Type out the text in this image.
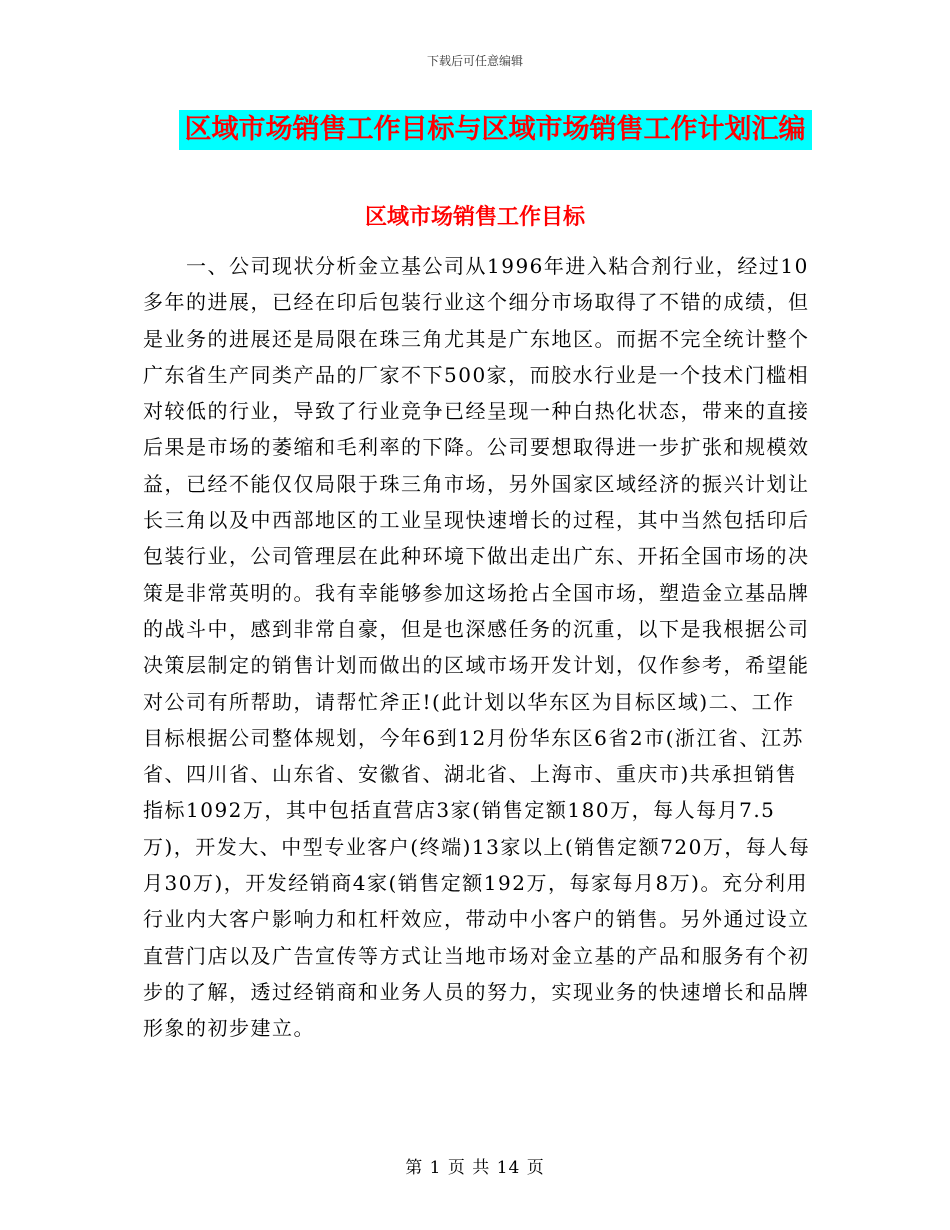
下载后可任意编辑
区域市场销售工作目标与区域市场销售工作计划汇编
区域市场销售工作目标

一、公司现状分析金立基公司从1996年进入粘合剂行业，经过10多年的进展，已经在印后包装行业这个细分市场取得了不错的成绩，但是业务的进展还是局限在珠三角尤其是广东地区。而据不完全统计整个广东省生产同类产品的厂家不下500家，而胶水行业是一个技术门槛相对较低的行业，导致了行业竞争已经呈现一种白热化状态，带来的直接后果是市场的萎缩和毛利率的下降。公司要想取得进一步扩张和规模效益，已经不能仅仅局限于珠三角市场，另外国家区域经济的振兴计划让长三角以及中西部地区的工业呈现快速增长的过程，其中当然包括印后包装行业，公司管理层在此种环境下做出走出广东、开拓全国市场的决策是非常英明的。我有幸能够参加这场抢占全国市场，塑造金立基品牌的战斗中，感到非常自豪，但是也深感任务的沉重，以下是我根据公司决策层制定的销售计划而做出的区域市场开发计划，仅作参考，希望能对公司有所帮助，请帮忙斧正!(此计划以华东区为目标区域)二、工作目标根据公司整体规划，今年6到12月份华东区6省2市(浙江省、江苏省、四川省、山东省、安徽省、湖北省、上海市、重庆市)共承担销售指标1092万，其中包括直营店3家(销售定额180万，每人每月7.5万)，开发大、中型专业客户(终端)13家以上(销售定额720万，每人每月30万)，开发经销商4家(销售定额192万，每家每月8万)。充分利用行业内大客户影响力和杠杆效应，带动中小客户的销售。另外通过设立直营门店以及广告宣传等方式让当地市场对金立基的产品和服务有个初步的了解，透过经销商和业务人员的努力，实现业务的快速增长和品牌形象的初步建立。

第 1 页 共 14 页
